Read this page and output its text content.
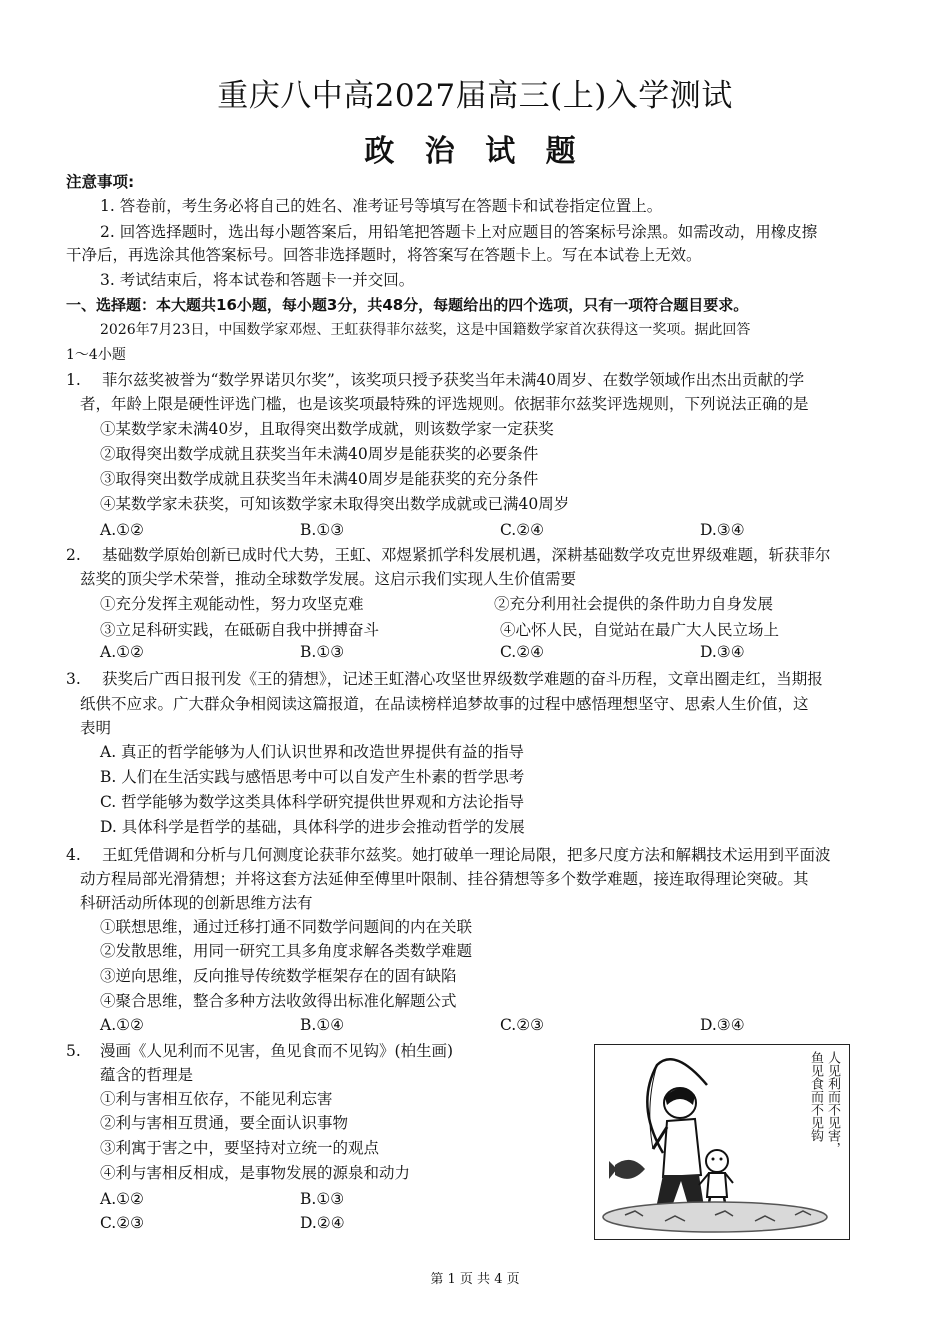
重庆八中高2027届高三(上)入学测试
政 治 试 题
注意事项:
1. 答卷前，考生务必将自己的姓名、准考证号等填写在答题卡和试卷指定位置上。
2. 回答选择题时，选出每小题答案后，用铅笔把答题卡上对应题目的答案标号涂黑。如需改动，用橡皮擦
干净后，再选涂其他答案标号。回答非选择题时，将答案写在答题卡上。写在本试卷上无效。
3. 考试结束后，将本试卷和答题卡一并交回。
一、选择题：本大题共16小题，每小题3分，共48分，每题给出的四个选项，只有一项符合题目要求。
2026年7月23日，中国数学家邓煜、王虹获得菲尔兹奖，这是中国籍数学家首次获得这一奖项。据此回答
1～4小题
1. 菲尔兹奖被誉为“数学界诺贝尔奖”，该奖项只授予获奖当年未满40周岁、在数学领域作出杰出贡献的学
者，年龄上限是硬性评选门槛，也是该奖项最特殊的评选规则。依据菲尔兹奖评选规则，下列说法正确的是
①某数学家未满40岁，且取得突出数学成就，则该数学家一定获奖
②取得突出数学成就且获奖当年未满40周岁是能获奖的必要条件
③取得突出数学成就且获奖当年未满40周岁是能获奖的充分条件
④某数学家未获奖，可知该数学家未取得突出数学成就或已满40周岁
A.①②	B.①③	C.②④	D.③④
2. 基础数学原始创新已成时代大势，王虹、邓煜紧抓学科发展机遇，深耕基础数学攻克世界级难题，斩获菲尔
兹奖的顶尖学术荣誉，推动全球数学发展。这启示我们实现人生价值需要
①充分发挥主观能动性，努力攻坚克难	②充分利用社会提供的条件助力自身发展
③立足科研实践，在砥砺自我中拼搏奋斗	④心怀人民，自觉站在最广大人民立场上
A.①②	B.①③	C.②④	D.③④
3. 获奖后广西日报刊发《王的猜想》，记述王虹潜心攻坚世界级数学难题的奋斗历程，文章出圈走红，当期报
纸供不应求。广大群众争相阅读这篇报道，在品读榜样追梦故事的过程中感悟理想坚守、思索人生价值，这
表明
A. 真正的哲学能够为人们认识世界和改造世界提供有益的指导
B. 人们在生活实践与感悟思考中可以自发产生朴素的哲学思考
C. 哲学能够为数学这类具体科学研究提供世界观和方法论指导
D. 具体科学是哲学的基础，具体科学的进步会推动哲学的发展
4. 王虹凭借调和分析与几何测度论获菲尔兹奖。她打破单一理论局限，把多尺度方法和解耦技术运用到平面波
动方程局部光滑猜想；并将这套方法延伸至傅里叶限制、挂谷猜想等多个数学难题，接连取得理论突破。其
科研活动所体现的创新思维方法有
①联想思维，通过迁移打通不同数学问题间的内在关联
②发散思维，用同一研究工具多角度求解各类数学难题
③逆向思维，反向推导传统数学框架存在的固有缺陷
④聚合思维，整合多种方法收敛得出标准化解题公式
A.①②	B.①④	C.②③	D.③④
5. 漫画《人见利而不见害，鱼见食而不见钩》(柏生画)
蕴含的哲理是
①利与害相互依存，不能见利忘害
②利与害相互贯通，要全面认识事物
③利寓于害之中，要坚持对立统一的观点
④利与害相反相成，是事物发展的源泉和动力
A.①②	B.①③
C.②③	D.②④
人见利而不见害，
鱼见食而不见钩
第 1 页 共 4 页
